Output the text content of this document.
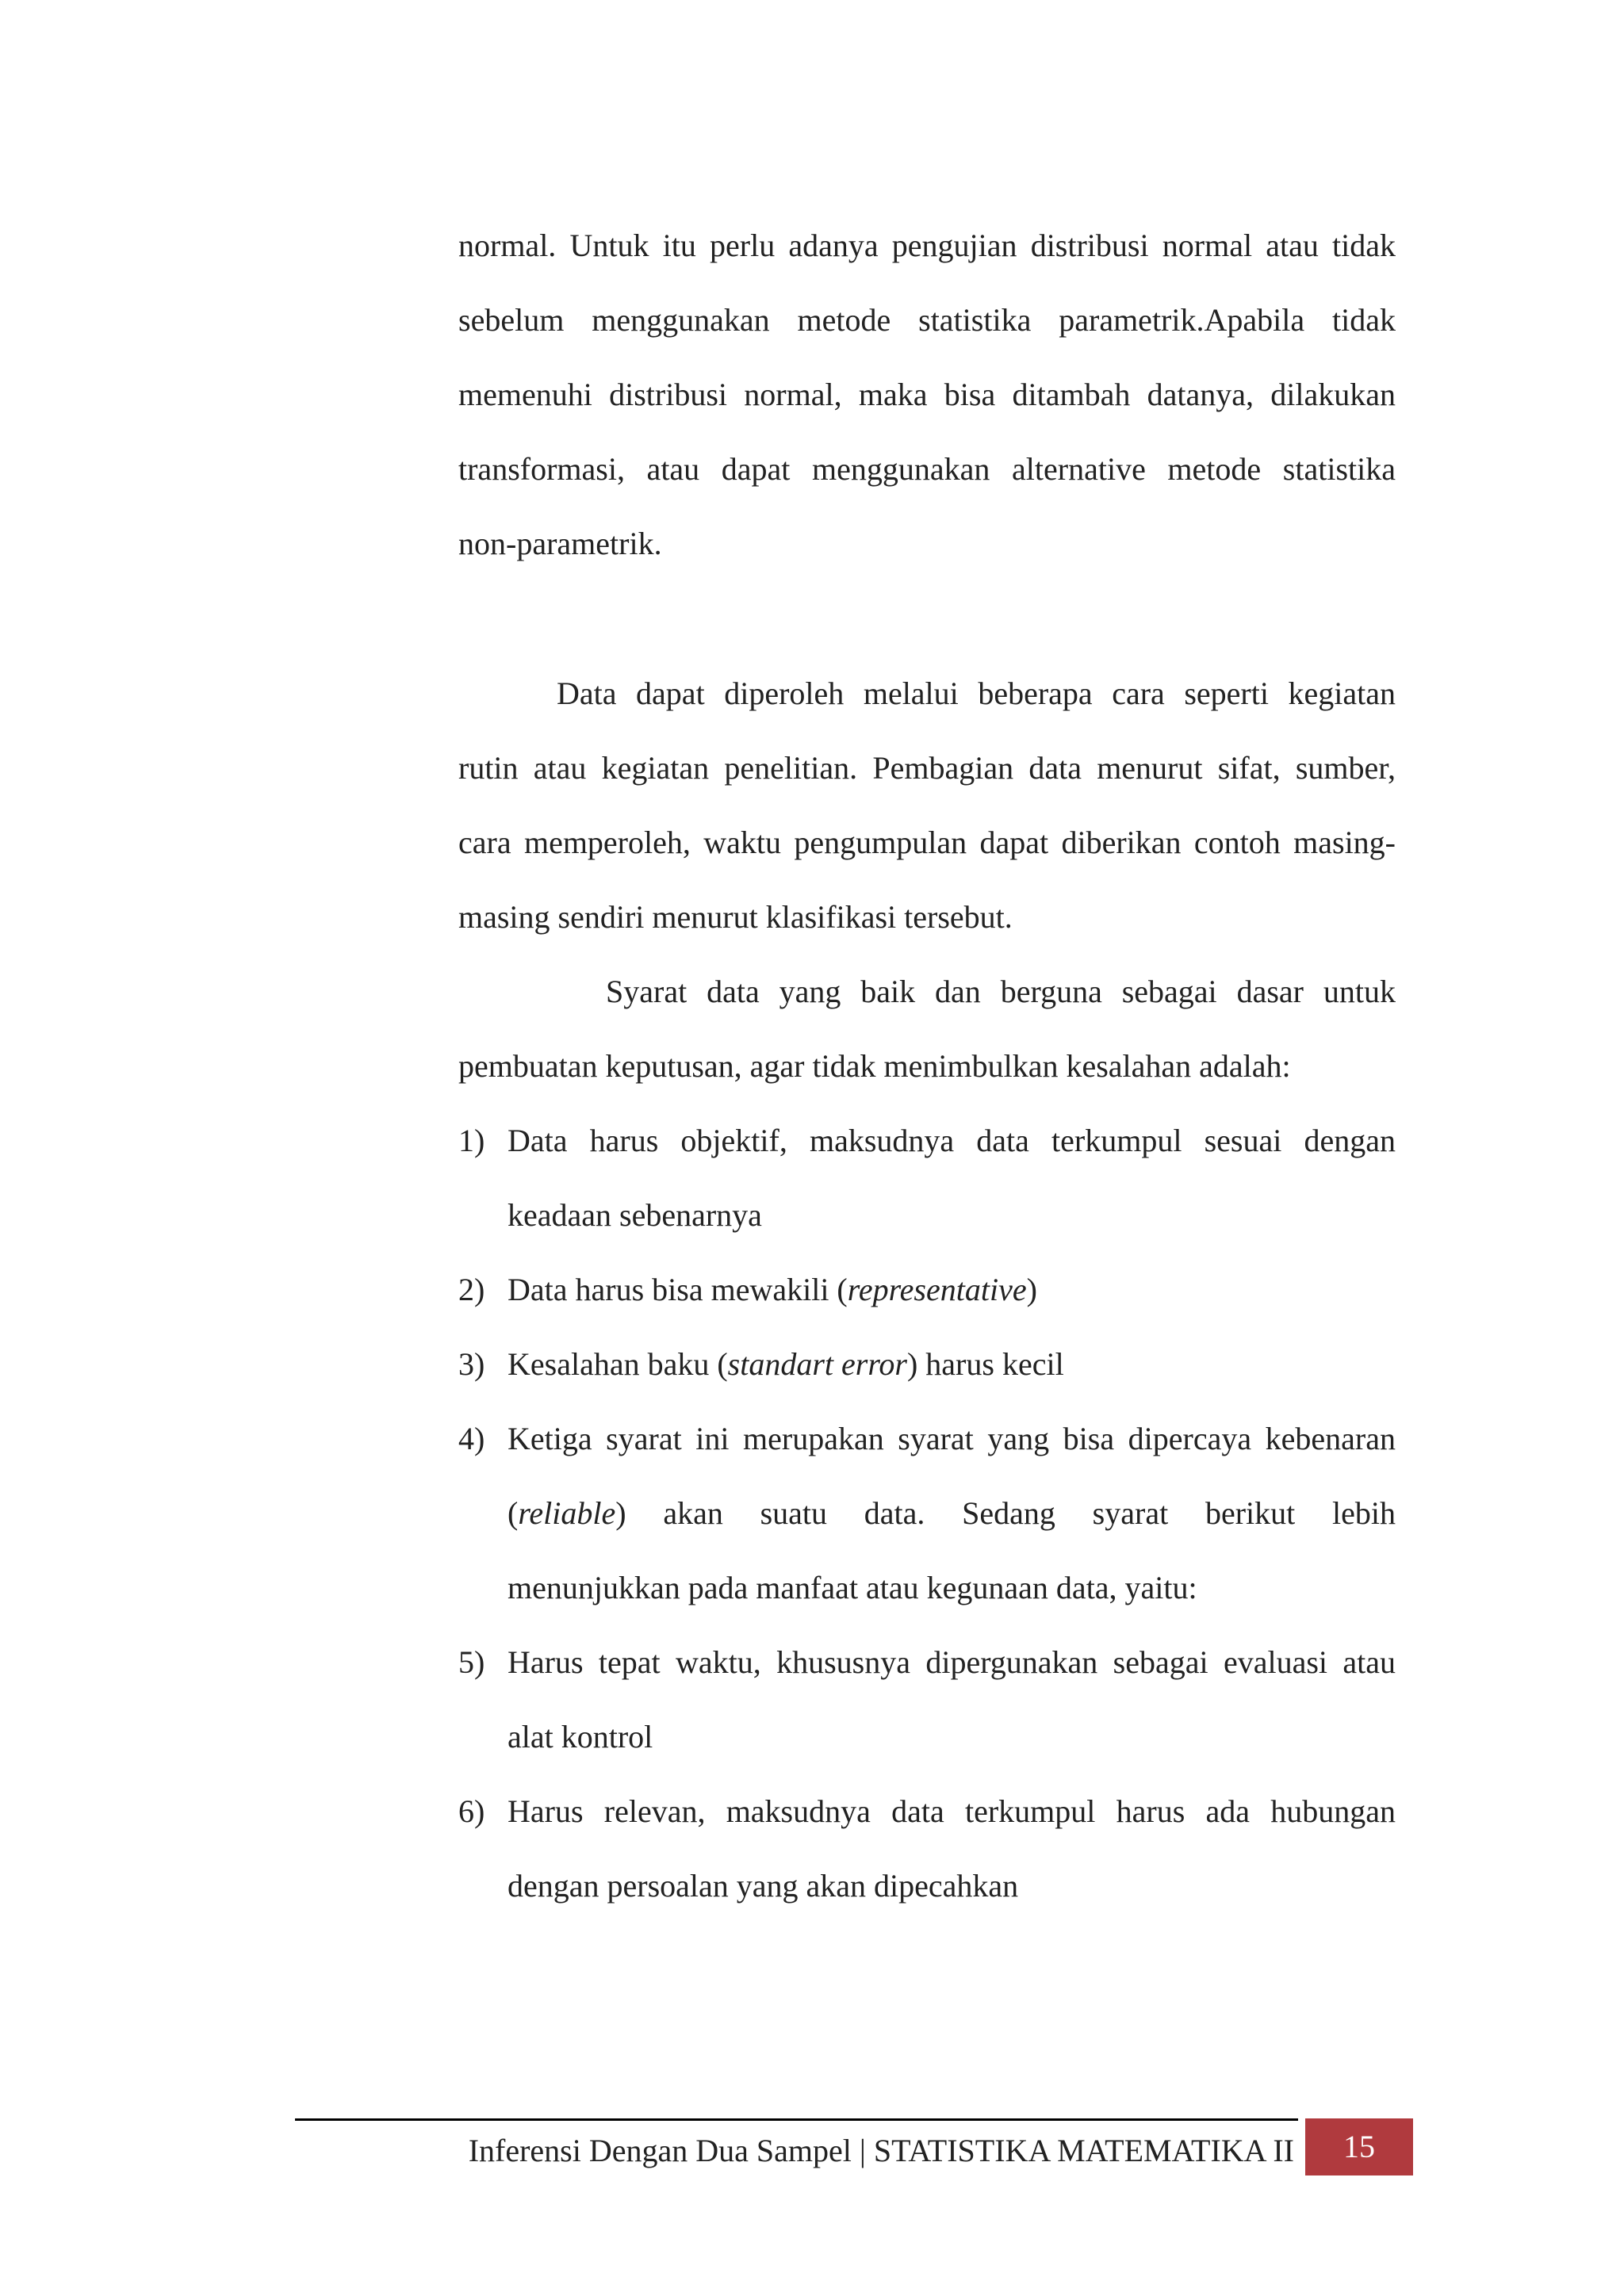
normal. Untuk itu perlu adanya pengujian distribusi normal atau tidak
sebelum menggunakan metode statistika parametrik.Apabila tidak
memenuhi distribusi normal, maka bisa ditambah datanya, dilakukan
transformasi, atau dapat menggunakan alternative metode statistika
non-parametrik.
Data dapat diperoleh melalui beberapa cara seperti kegiatan
rutin atau kegiatan penelitian. Pembagian data menurut sifat, sumber,
cara memperoleh, waktu pengumpulan dapat diberikan contoh masing-
masing sendiri menurut klasifikasi tersebut.
Syarat data yang baik dan berguna sebagai dasar untuk
pembuatan keputusan, agar tidak menimbulkan kesalahan adalah:
1) Data harus objektif, maksudnya data terkumpul sesuai dengan
keadaan sebenarnya
2) Data harus bisa mewakili (representative)
3) Kesalahan baku (standart error) harus kecil
4) Ketiga syarat ini merupakan syarat yang bisa dipercaya kebenaran
(reliable) akan suatu data. Sedang syarat berikut lebih
menunjukkan pada manfaat atau kegunaan data, yaitu:
5) Harus tepat waktu, khususnya dipergunakan sebagai evaluasi atau
alat kontrol
6) Harus relevan, maksudnya data terkumpul harus ada hubungan
dengan persoalan yang akan dipecahkan
Inferensi Dengan Dua Sampel | STATISTIKA MATEMATIKA II	15
